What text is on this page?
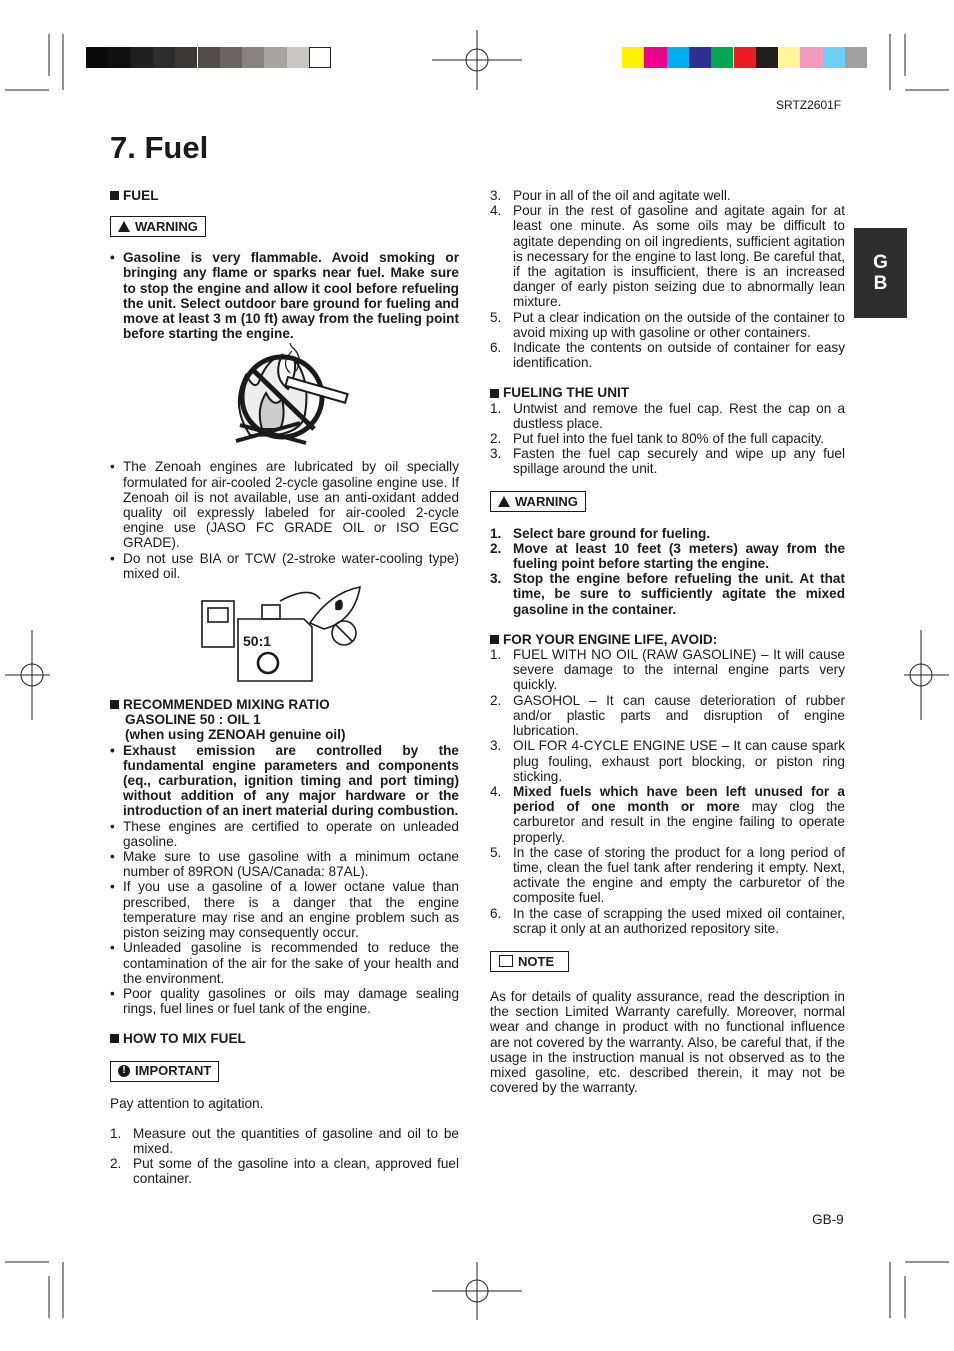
SRTZ2601F
7. Fuel
G
B
FUEL
WARNING
• Gasoline is very flammable. Avoid smoking or bringing any flame or sparks near fuel. Make sure to stop the engine and allow it cool before refueling the unit. Select outdoor bare ground for fueling and move at least 3 m (10 ft) away from the fueling point before starting the engine.
• The Zenoah engines are lubricated by oil specially formulated for air-cooled 2-cycle gasoline engine use. If Zenoah oil is not available, use an anti-oxidant added quality oil expressly labeled for air-cooled 2-cycle engine use (JASO FC GRADE OIL or ISO EGC GRADE).
• Do not use BIA or TCW (2-stroke water-cooling type) mixed oil.
50:1
RECOMMENDED MIXING RATIO
GASOLINE 50 : OIL 1
(when using ZENOAH genuine oil)
• Exhaust emission are controlled by the fundamental engine parameters and components (eq., carburation, ignition timing and port timing) without addition of any major hardware or the introduction of an inert material during combustion.
• These engines are certified to operate on unleaded gasoline.
• Make sure to use gasoline with a minimum octane number of 89RON (USA/Canada: 87AL).
• If you use a gasoline of a lower octane value than prescribed, there is a danger that the engine temperature may rise and an engine problem such as piston seizing may consequently occur.
• Unleaded gasoline is recommended to reduce the contamination of the air for the sake of your health and the environment.
• Poor quality gasolines or oils may damage sealing rings, fuel lines or fuel tank of the engine.
HOW TO MIX FUEL
! IMPORTANT
Pay attention to agitation.
1. Measure out the quantities of gasoline and oil to be mixed.
2. Put some of the gasoline into a clean, approved fuel container.
3. Pour in all of the oil and agitate well.
4. Pour in the rest of gasoline and agitate again for at least one minute. As some oils may be difficult to agitate depending on oil ingredients, sufficient agitation is necessary for the engine to last long. Be careful that, if the agitation is insufficient, there is an increased danger of early piston seizing due to abnormally lean mixture.
5. Put a clear indication on the outside of the container to avoid mixing up with gasoline or other containers.
6. Indicate the contents on outside of container for easy identification.
FUELING THE UNIT
1. Untwist and remove the fuel cap. Rest the cap on a dustless place.
2. Put fuel into the fuel tank to 80% of the full capacity.
3. Fasten the fuel cap securely and wipe up any fuel spillage around the unit.
WARNING
1. Select bare ground for fueling.
2. Move at least 10 feet (3 meters) away from the fueling point before starting the engine.
3. Stop the engine before refueling the unit. At that time, be sure to sufficiently agitate the mixed gasoline in the container.
FOR YOUR ENGINE LIFE, AVOID:
1. FUEL WITH NO OIL (RAW GASOLINE) – It will cause severe damage to the internal engine parts very quickly.
2. GASOHOL – It can cause deterioration of rubber and/or plastic parts and disruption of engine lubrication.
3. OIL FOR 4-CYCLE ENGINE USE – It can cause spark plug fouling, exhaust port blocking, or piston ring sticking.
4. Mixed fuels which have been left unused for a period of one month or more may clog the carburetor and result in the engine failing to operate properly.
5. In the case of storing the product for a long period of time, clean the fuel tank after rendering it empty. Next, activate the engine and empty the carburetor of the composite fuel.
6. In the case of scrapping the used mixed oil container, scrap it only at an authorized repository site.
NOTE
As for details of quality assurance, read the description in the section Limited Warranty carefully. Moreover, normal wear and change in product with no functional influence are not covered by the warranty. Also, be careful that, if the usage in the instruction manual is not observed as to the mixed gasoline, etc. described therein, it may not be covered by the warranty.
GB-9
